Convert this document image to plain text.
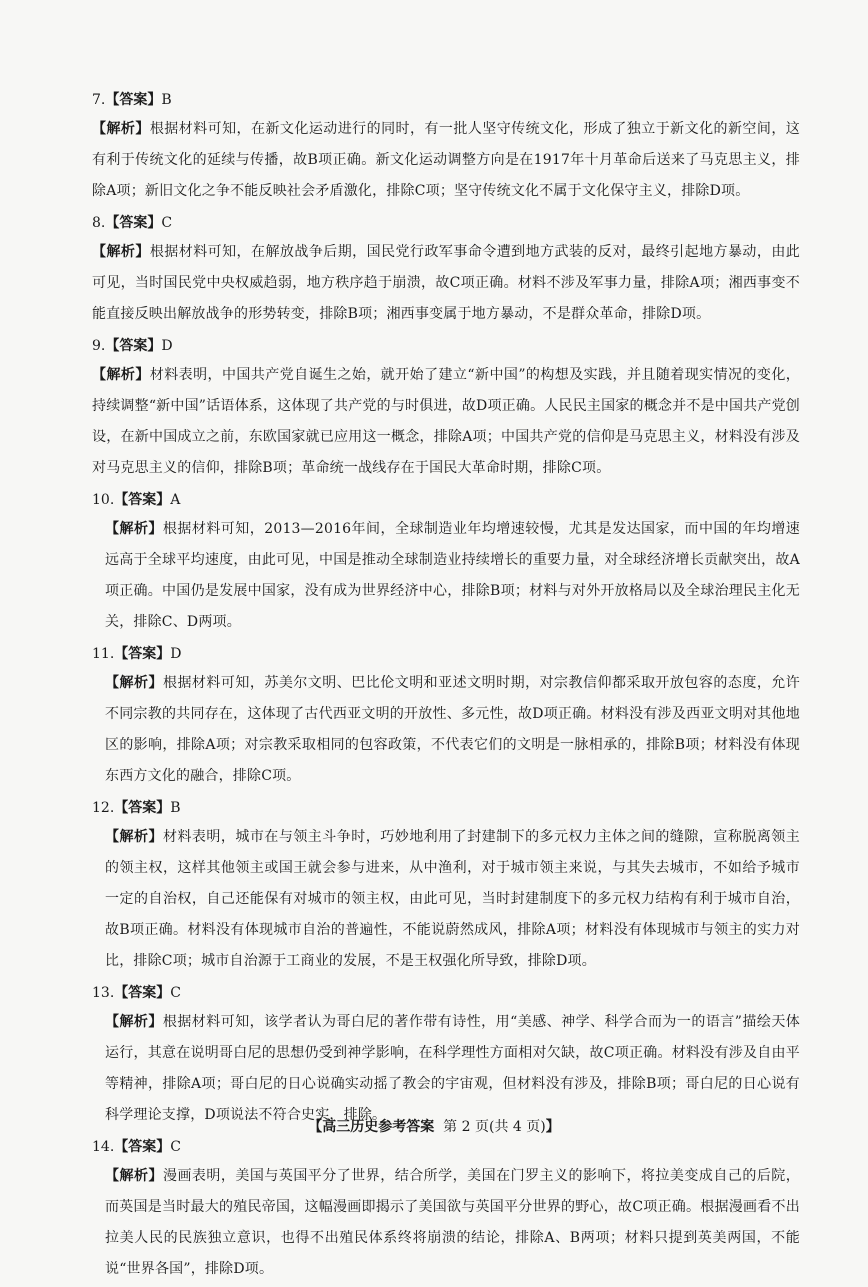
7.【答案】B

【解析】根据材料可知，在新文化运动进行的同时，有一批人坚守传统文化，形成了独立于新文化的新空间，这有利于传统文化的延续与传播，故B项正确。新文化运动调整方向是在1917年十月革命后送来了马克思主义，排除A项；新旧文化之争不能反映社会矛盾激化，排除C项；坚守传统文化不属于文化保守主义，排除D项。

8.【答案】C

【解析】根据材料可知，在解放战争后期，国民党行政军事命令遭到地方武装的反对，最终引起地方暴动，由此可见，当时国民党中央权威趋弱，地方秩序趋于崩溃，故C项正确。材料不涉及军事力量，排除A项；湘西事变不能直接反映出解放战争的形势转变，排除B项；湘西事变属于地方暴动，不是群众革命，排除D项。

9.【答案】D

【解析】材料表明，中国共产党自诞生之始，就开始了建立“新中国”的构想及实践，并且随着现实情况的变化，持续调整“新中国”话语体系，这体现了共产党的与时俱进，故D项正确。人民民主国家的概念并不是中国共产党创设，在新中国成立之前，东欧国家就已应用这一概念，排除A项；中国共产党的信仰是马克思主义，材料没有涉及对马克思主义的信仰，排除B项；革命统一战线存在于国民大革命时期，排除C项。

10.【答案】A

【解析】根据材料可知，2013—2016年间，全球制造业年均增速较慢，尤其是发达国家，而中国的年均增速远高于全球平均速度，由此可见，中国是推动全球制造业持续增长的重要力量，对全球经济增长贡献突出，故A项正确。中国仍是发展中国家，没有成为世界经济中心，排除B项；材料与对外开放格局以及全球治理民主化无关，排除C、D两项。

11.【答案】D

【解析】根据材料可知，苏美尔文明、巴比伦文明和亚述文明时期，对宗教信仰都采取开放包容的态度，允许不同宗教的共同存在，这体现了古代西亚文明的开放性、多元性，故D项正确。材料没有涉及西亚文明对其他地区的影响，排除A项；对宗教采取相同的包容政策，不代表它们的文明是一脉相承的，排除B项；材料没有体现东西方文化的融合，排除C项。

12.【答案】B

【解析】材料表明，城市在与领主斗争时，巧妙地利用了封建制下的多元权力主体之间的缝隙，宣称脱离领主的领主权，这样其他领主或国王就会参与进来，从中渔利，对于城市领主来说，与其失去城市，不如给予城市一定的自治权，自己还能保有对城市的领主权，由此可见，当时封建制度下的多元权力结构有利于城市自治，故B项正确。材料没有体现城市自治的普遍性，不能说蔚然成风，排除A项；材料没有体现城市与领主的实力对比，排除C项；城市自治源于工商业的发展，不是王权强化所导致，排除D项。

13.【答案】C

【解析】根据材料可知，该学者认为哥白尼的著作带有诗性，用“美感、神学、科学合而为一的语言”描绘天体运行，其意在说明哥白尼的思想仍受到神学影响，在科学理性方面相对欠缺，故C项正确。材料没有涉及自由平等精神，排除A项；哥白尼的日心说确实动摇了教会的宇宙观，但材料没有涉及，排除B项；哥白尼的日心说有科学理论支撑，D项说法不符合史实，排除。

14.【答案】C

【解析】漫画表明，美国与英国平分了世界，结合所学，美国在门罗主义的影响下，将拉美变成自己的后院，而英国是当时最大的殖民帝国，这幅漫画即揭示了美国欲与英国平分世界的野心，故C项正确。根据漫画看不出拉美人民的民族独立意识，也得不出殖民体系终将崩溃的结论，排除A、B两项；材料只提到英美两国，不能说“世界各国”，排除D项。

【高三历史参考答案 第 2 页(共 4 页)】
